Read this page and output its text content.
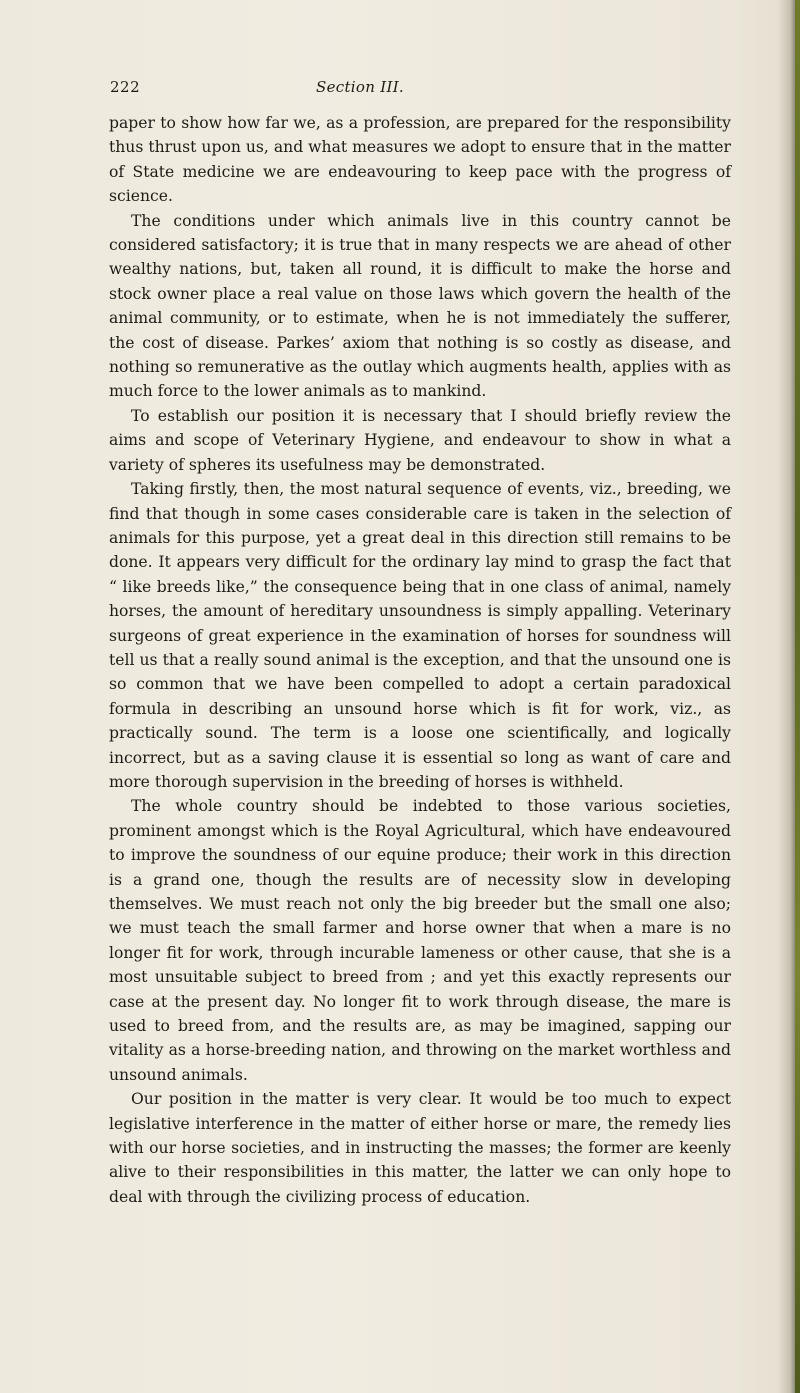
222	Section III.

paper to show how far we, as a profession, are prepared for the responsibility thus thrust upon us, and what measures we adopt to ensure that in the matter of State medicine we are endeavouring to keep pace with the progress of science.

The conditions under which animals live in this country cannot be considered satisfactory; it is true that in many respects we are ahead of other wealthy nations, but, taken all round, it is difficult to make the horse and stock owner place a real value on those laws which govern the health of the animal community, or to estimate, when he is not immediately the sufferer, the cost of disease. Parkes’ axiom that nothing is so costly as disease, and nothing so remunerative as the outlay which augments health, applies with as much force to the lower animals as to mankind.

To establish our position it is necessary that I should briefly review the aims and scope of Veterinary Hygiene, and endeavour to show in what a variety of spheres its usefulness may be demonstrated.

Taking firstly, then, the most natural sequence of events, viz., breeding, we find that though in some cases considerable care is taken in the selection of animals for this purpose, yet a great deal in this direction still remains to be done. It appears very difficult for the ordinary lay mind to grasp the fact that “ like breeds like,” the consequence being that in one class of animal, namely horses, the amount of hereditary unsoundness is simply appalling. Veterinary surgeons of great experience in the examination of horses for soundness will tell us that a really sound animal is the exception, and that the unsound one is so common that we have been compelled to adopt a certain paradoxical formula in describing an unsound horse which is fit for work, viz., as practically sound. The term is a loose one scientifically, and logically incorrect, but as a saving clause it is essential so long as want of care and more thorough supervision in the breeding of horses is withheld.

The whole country should be indebted to those various societies, prominent amongst which is the Royal Agricultural, which have endeavoured to improve the soundness of our equine produce; their work in this direction is a grand one, though the results are of necessity slow in developing themselves. We must reach not only the big breeder but the small one also; we must teach the small farmer and horse owner that when a mare is no longer fit for work, through incurable lameness or other cause, that she is a most unsuitable subject to breed from ; and yet this exactly represents our case at the present day. No longer fit to work through disease, the mare is used to breed from, and the results are, as may be imagined, sapping our vitality as a horse-breeding nation, and throwing on the market worthless and unsound animals.

Our position in the matter is very clear. It would be too much to expect legislative interference in the matter of either horse or mare, the remedy lies with our horse societies, and in instructing the masses; the former are keenly alive to their responsibilities in this matter, the latter we can only hope to deal with through the civilizing process of education.
